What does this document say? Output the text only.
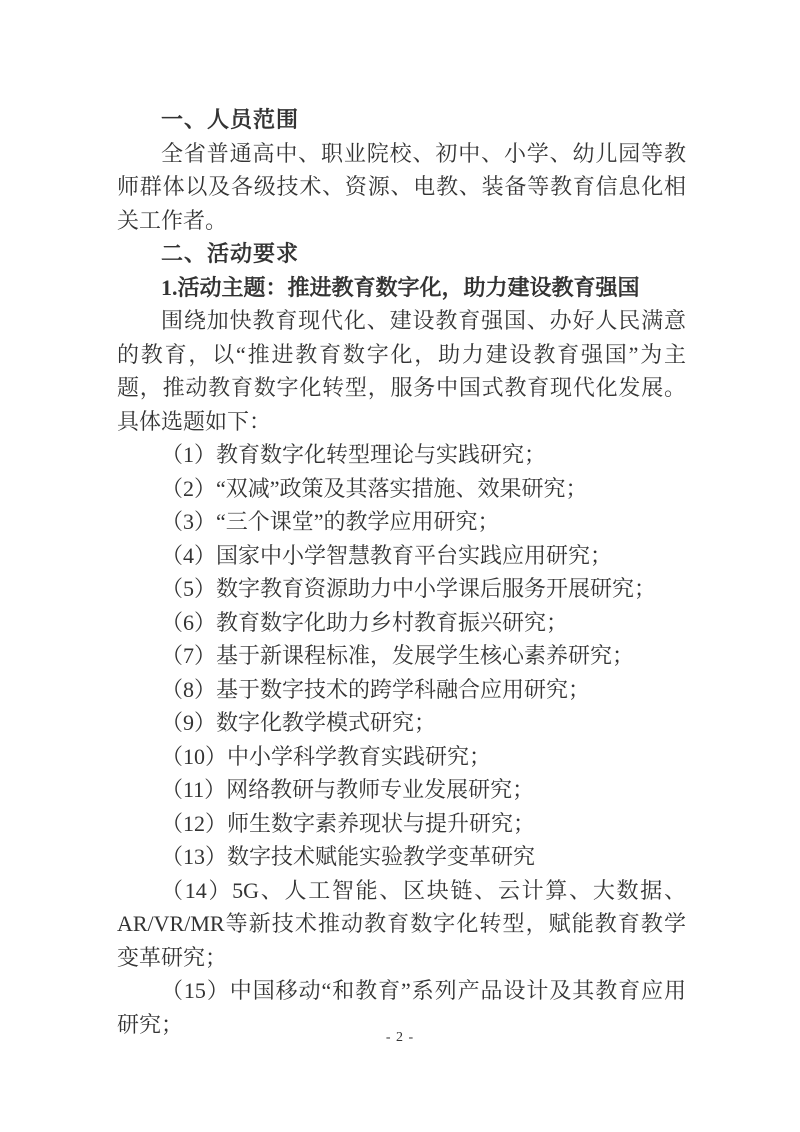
一、人员范围

全省普通高中、职业院校、初中、小学、幼儿园等教师群体以及各级技术、资源、电教、装备等教育信息化相关工作者。

二、活动要求

1.活动主题：推进教育数字化，助力建设教育强国

围绕加快教育现代化、建设教育强国、办好人民满意的教育，以“推进教育数字化，助力建设教育强国”为主题，推动教育数字化转型，服务中国式教育现代化发展。具体选题如下：

（1）教育数字化转型理论与实践研究；

（2）“双减”政策及其落实措施、效果研究；

（3）“三个课堂”的教学应用研究；

（4）国家中小学智慧教育平台实践应用研究；

（5）数字教育资源助力中小学课后服务开展研究；

（6）教育数字化助力乡村教育振兴研究；

（7）基于新课程标准，发展学生核心素养研究；

（8）基于数字技术的跨学科融合应用研究；

（9）数字化教学模式研究；

（10）中小学科学教育实践研究；

（11）网络教研与教师专业发展研究；

（12）师生数字素养现状与提升研究；

（13）数字技术赋能实验教学变革研究

（14）5G、人工智能、区块链、云计算、大数据、AR/VR/MR等新技术推动教育数字化转型，赋能教育教学变革研究；

（15）中国移动“和教育”系列产品设计及其教育应用研究；

- 2 -
